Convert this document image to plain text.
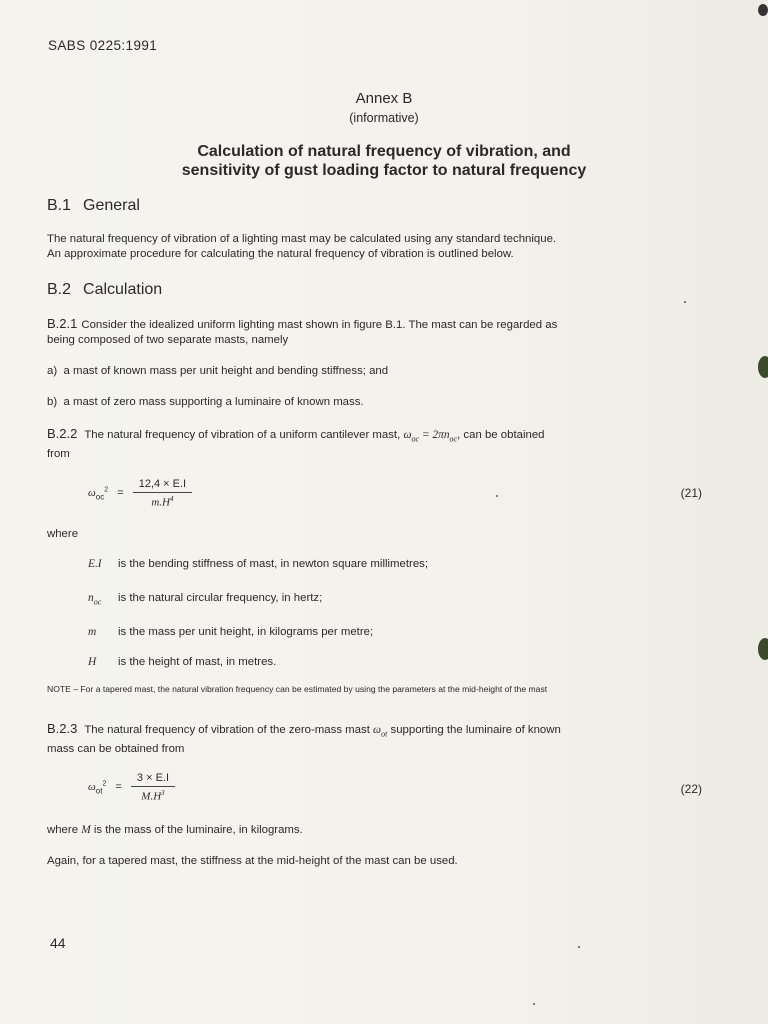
SABS 0225:1991
Annex B
(informative)
Calculation of natural frequency of vibration, and
sensitivity of gust loading factor to natural frequency
B.1 General
The natural frequency of vibration of a lighting mast may be calculated using any standard technique.
An approximate procedure for calculating the natural frequency of vibration is outlined below.
B.2 Calculation
B.2.1 Consider the idealized uniform lighting mast shown in figure B.1. The mast can be regarded as
being composed of two separate masts, namely
a) a mast of known mass per unit height and bending stiffness; and
b) a mast of zero mass supporting a luminaire of known mass.
B.2.2 The natural frequency of vibration of a uniform cantilever mast, $\omega_{oc} = 2\pi n_{oc}$, can be obtained
from
$\omega_{oc}^2 = \frac{12,4 \times E.I}{m.H^4}$	(21)
where
E.I is the bending stiffness of mast, in newton square millimetres;
$n_{oc}$ is the natural circular frequency, in hertz;
m is the mass per unit height, in kilograms per metre;
H is the height of mast, in metres.
NOTE – For a tapered mast, the natural vibration frequency can be estimated by using the parameters at the mid-height of the mast
B.2.3 The natural frequency of vibration of the zero-mass mast $\omega_{ot}$ supporting the luminaire of known
mass can be obtained from
$\omega_{ot}^2 = \frac{3 \times E.I}{M.H^3}$	(22)
where M is the mass of the luminaire, in kilograms.
Again, for a tapered mast, the stiffness at the mid-height of the mast can be used.
44
